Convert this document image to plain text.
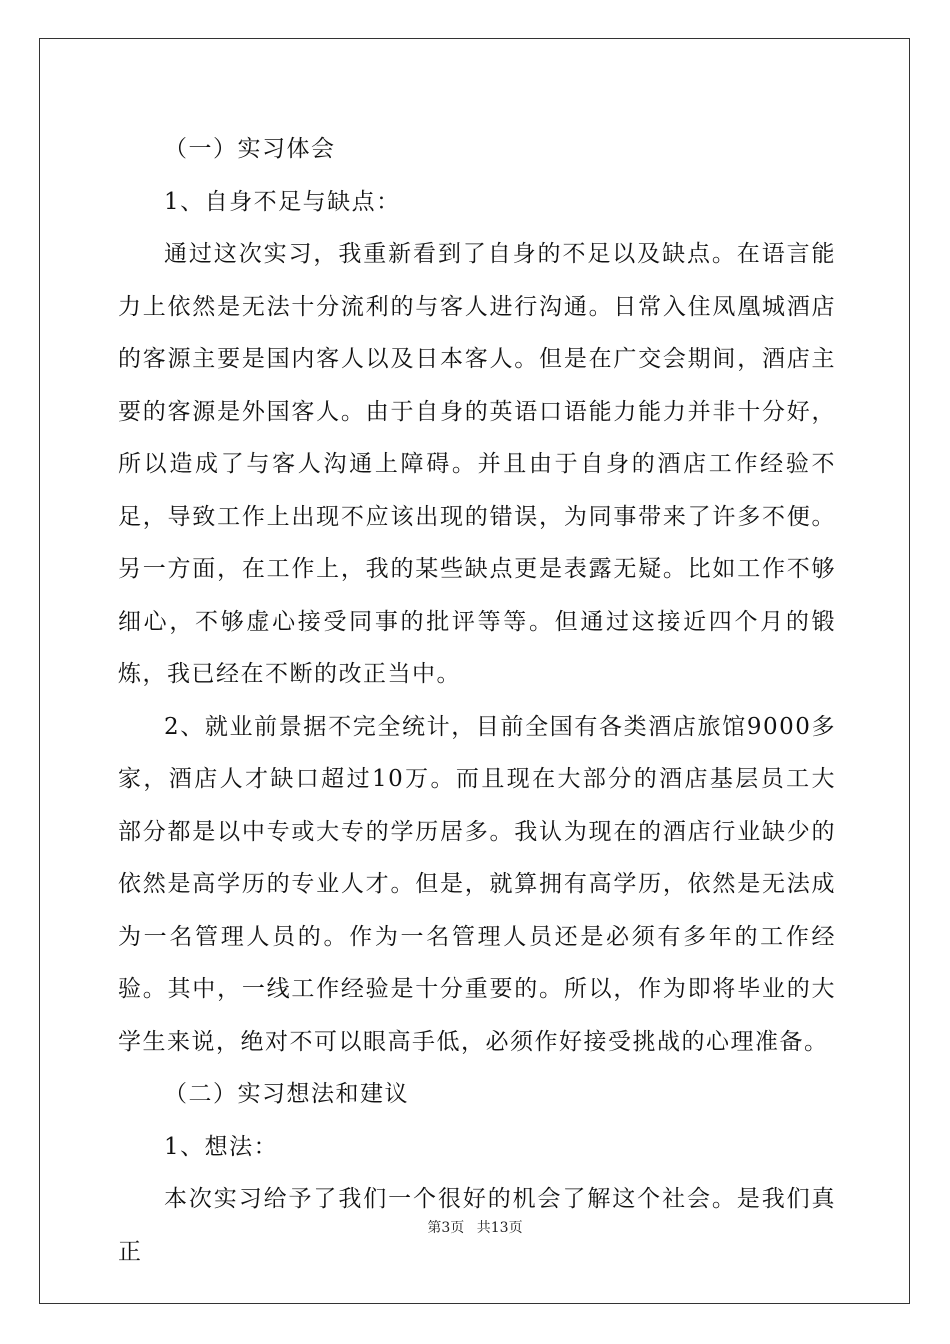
（一）实习体会

1、自身不足与缺点：

通过这次实习，我重新看到了自身的不足以及缺点。在语言能力上依然是无法十分流利的与客人进行沟通。日常入住凤凰城酒店的客源主要是国内客人以及日本客人。但是在广交会期间，酒店主要的客源是外国客人。由于自身的英语口语能力能力并非十分好，所以造成了与客人沟通上障碍。并且由于自身的酒店工作经验不足，导致工作上出现不应该出现的错误，为同事带来了许多不便。另一方面，在工作上，我的某些缺点更是表露无疑。比如工作不够细心，不够虚心接受同事的批评等等。但通过这接近四个月的锻炼，我已经在不断的改正当中。

2、就业前景据不完全统计，目前全国有各类酒店旅馆9000多家，酒店人才缺口超过10万。而且现在大部分的酒店基层员工大部分都是以中专或大专的学历居多。我认为现在的酒店行业缺少的依然是高学历的专业人才。但是，就算拥有高学历，依然是无法成为一名管理人员的。作为一名管理人员还是必须有多年的工作经验。其中，一线工作经验是十分重要的。所以，作为即将毕业的大学生来说，绝对不可以眼高手低，必须作好接受挑战的心理准备。

（二）实习想法和建议

1、想法：

本次实习给予了我们一个很好的机会了解这个社会。是我们真正

第3页 共13页
